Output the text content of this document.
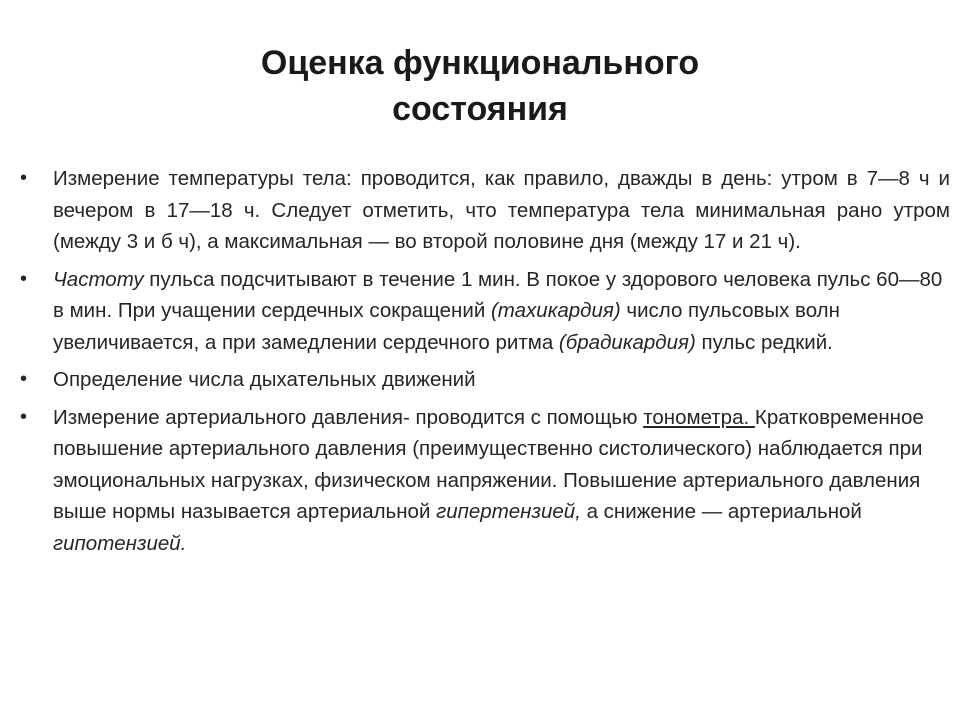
Оценка функционального
состояния
•	Измерение температуры тела: проводится, как правило, дважды в день: утром в 7—8 ч и вечером в 17—18 ч. Следует отметить, что температура тела минимальная рано утром (между 3 и б ч), а максимальная — во второй половине дня (между 17 и 21 ч).

•	Частоту пульса подсчитывают в течение 1 мин. В покое у здорового человека пульс 60—80 в мин. При учащении сердечных сокращений (тахикардия) число пульсовых волн увеличивается, а при замедлении сердечного ритма (брадикардия) пульс редкий.

•	Определение числа дыхательных движений

•	Измерение артериального давления- проводится с помощью тонометра. Кратковременное повышение артериального давления (преимущественно систолического) наблюдается при эмоциональных нагрузках, физическом напряжении. Повышение артериального давления выше нормы называется артериальной гипертензией, а снижение — артериальной гипотензией.
